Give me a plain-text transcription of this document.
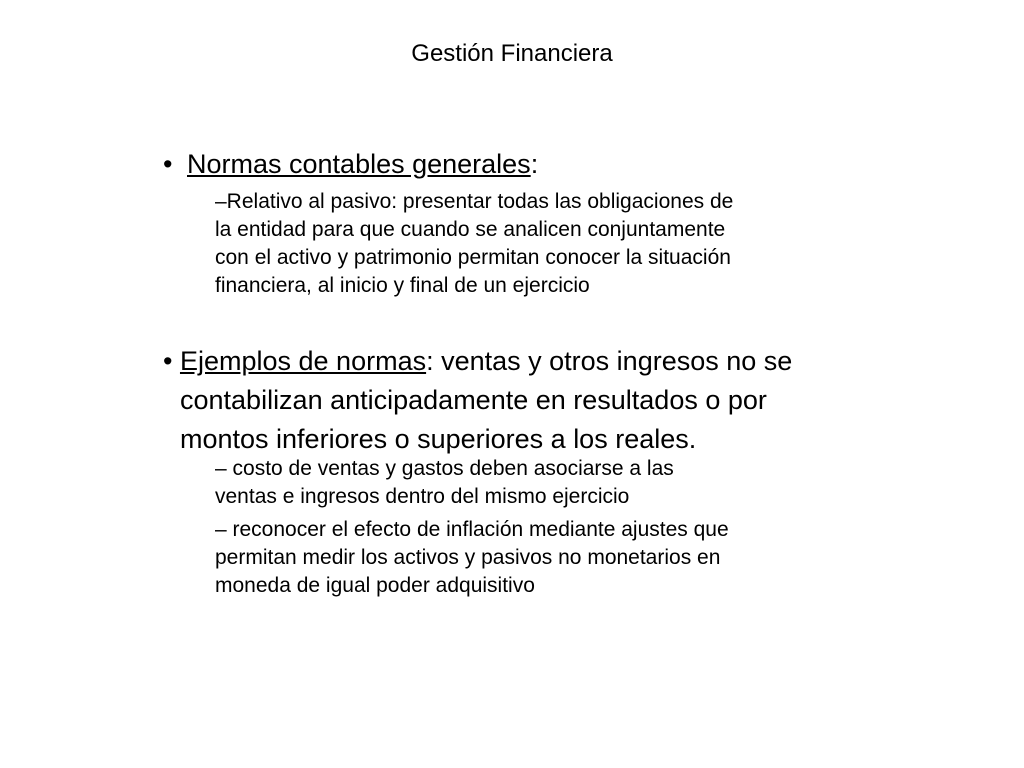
Gestión Financiera
• Normas contables generales:
–Relativo al pasivo: presentar todas las obligaciones de
la entidad para que cuando se analicen conjuntamente
con el activo y patrimonio permitan conocer la situación
financiera, al inicio y final de un ejercicio
• Ejemplos de normas: ventas y otros ingresos no se
contabilizan anticipadamente en resultados o por
montos inferiores o superiores a los reales.
– costo de ventas y gastos deben asociarse a las
ventas e ingresos dentro del mismo ejercicio
– reconocer el efecto de inflación mediante ajustes que
permitan medir los activos y pasivos no monetarios en
moneda de igual poder adquisitivo
